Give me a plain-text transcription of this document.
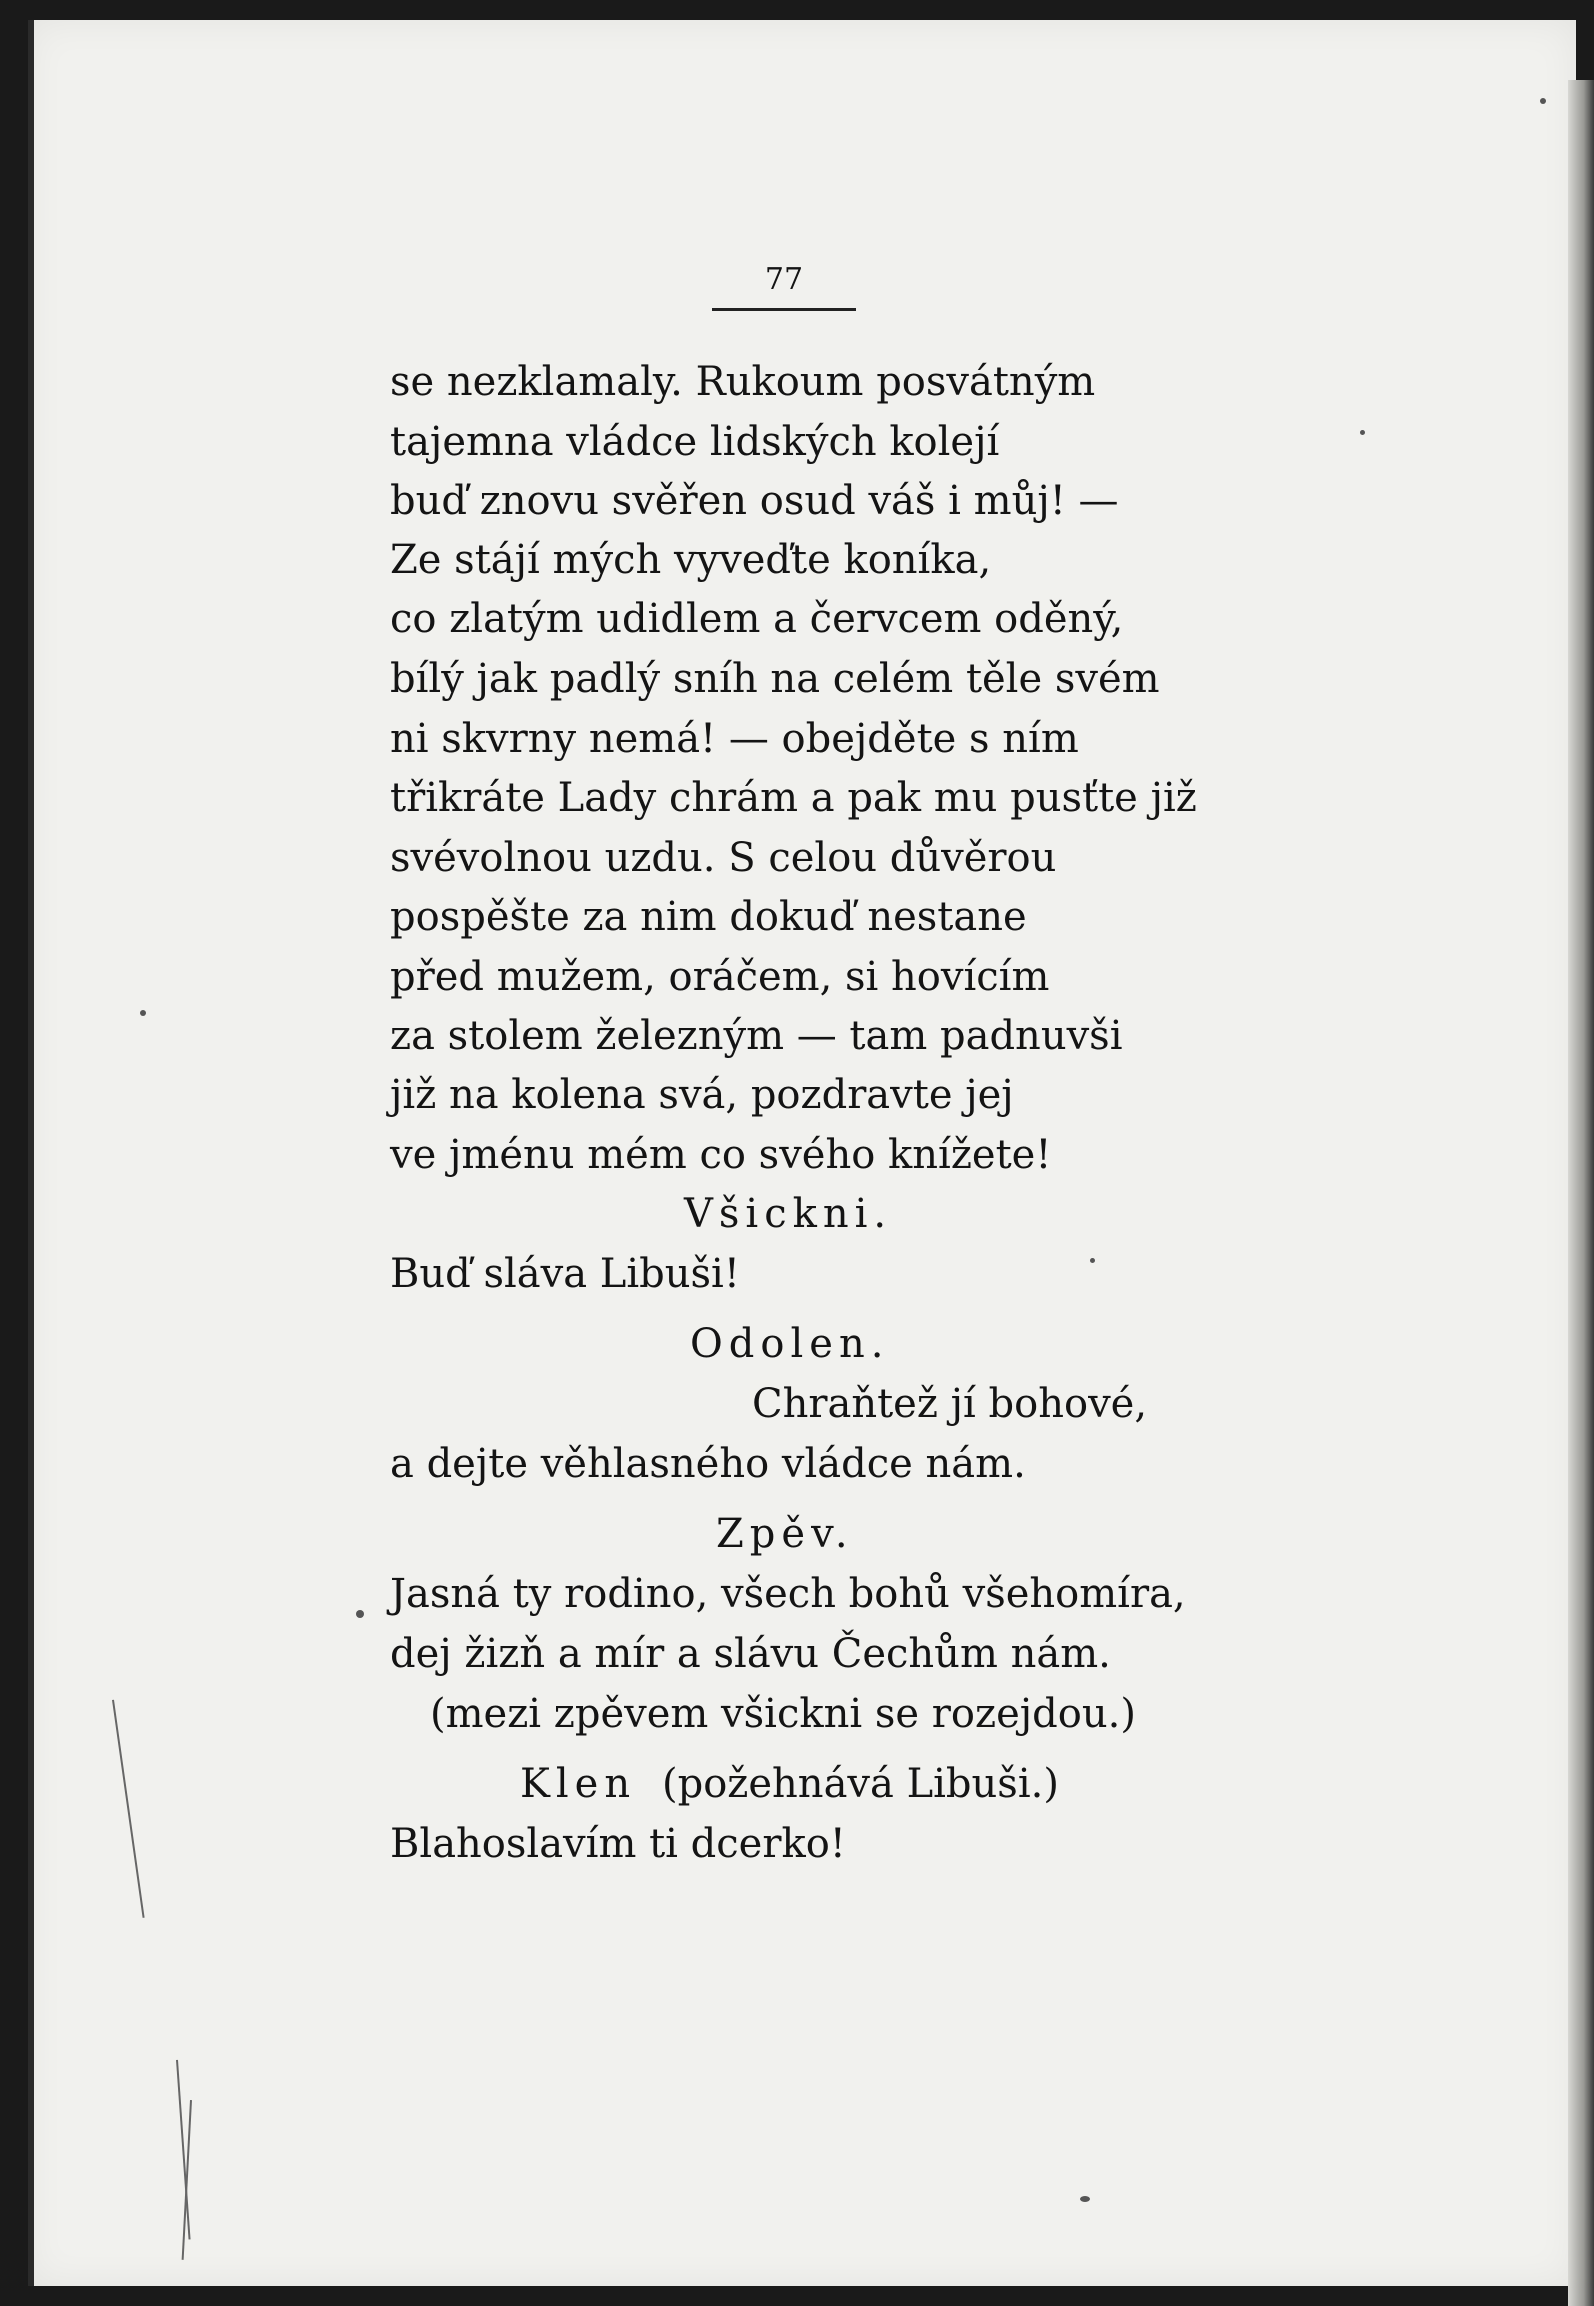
77
se nezklamaly. Rukoum posvátným
tajemna vládce lidských kolejí
buď znovu svěřen osud váš i můj! —
Ze stájí mých vyveďte koníka,
co zlatým udidlem a červcem oděný,
bílý jak padlý sníh na celém těle svém
ni skvrny nemá! — obejděte s ním
třikráte Lady chrám a pak mu pusťte již
svévolnou uzdu. S celou důvěrou
pospěšte za nim dokuď nestane
před mužem, oráčem, si hovícím
za stolem železným — tam padnuvši
již na kolena svá, pozdravte jej
ve jménu mém co svého knížete!
Všickni.
Buď sláva Libuši!
Odolen.
Chraňtež jí bohové,
a dejte věhlasného vládce nám.
Zpěv.
Jasná ty rodino, všech bohů všehomíra,
dej žizň a mír a slávu Čechům nám.
(mezi zpěvem všickni se rozejdou.)
Klen (požehnává Libuši.)
Blahoslavím ti dcerko!
